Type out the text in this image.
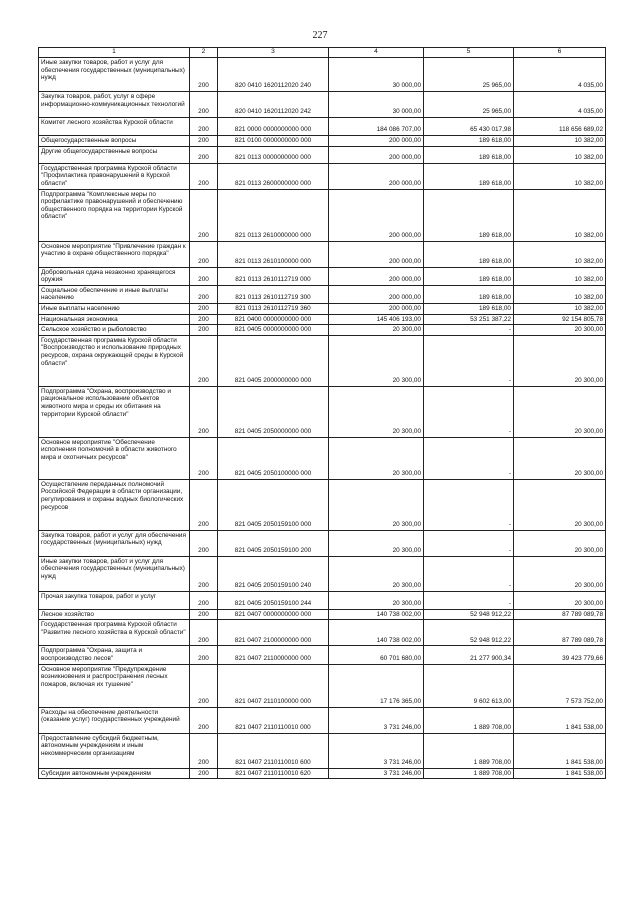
227
1	2	3	4	5	6
Иные закупки товаров, работ и услуг для обеспечения государственных (муниципальных) нужд	200	820 0410 1620112020 240	30 000,00	25 965,00	4 035,00
Закупка товаров, работ, услуг в сфере информационно-коммуникационных технологий	200	820 0410 1620112020 242	30 000,00	25 965,00	4 035,00
Комитет лесного хозяйства Курской области	200	821 0000 0000000000 000	184 086 707,00	65 430 017,98	118 656 689,02
Общегосударственные вопросы	200	821 0100 0000000000 000	200 000,00	189 618,00	10 382,00
Другие общегосударственные вопросы	200	821 0113 0000000000 000	200 000,00	189 618,00	10 382,00
Государственная программа Курской области "Профилактика правонарушений в Курской области"	200	821 0113 2600000000 000	200 000,00	189 618,00	10 382,00
Подпрограмма "Комплексные меры по профилактике правонарушений и обеспечению общественного порядка на территории Курской области"	200	821 0113 2610000000 000	200 000,00	189 618,00	10 382,00
Основное мероприятие "Привлечение граждан к участию в охране общественного порядка"	200	821 0113 2610100000 000	200 000,00	189 618,00	10 382,00
Добровольная сдача незаконно хранящегося оружия	200	821 0113 2610112719 000	200 000,00	189 618,00	10 382,00
Социальное обеспечение и иные выплаты населению	200	821 0113 2610112719 300	200 000,00	189 618,00	10 382,00
Иные выплаты населению	200	821 0113 2610112719 360	200 000,00	189 618,00	10 382,00
Национальная экономика	200	821 0400 0000000000 000	145 406 193,00	53 251 387,22	92 154 805,78
Сельское хозяйство и рыболовство	200	821 0405 0000000000 000	20 300,00	-	20 300,00
Государственная программа Курской области "Воспроизводство и использование природных ресурсов, охрана окружающей среды в Курской области"	200	821 0405 2000000000 000	20 300,00	-	20 300,00
Подпрограмма "Охрана, воспроизводство и рациональное использование объектов животного мира и среды их обитания на территории Курской области"	200	821 0405 2050000000 000	20 300,00	-	20 300,00
Основное мероприятие "Обеспечение исполнения полномочий в области животного мира и охотничьих ресурсов"	200	821 0405 2050100000 000	20 300,00	-	20 300,00
Осуществление переданных полномочий Российской Федерации в области организации, регулирования и охраны водных биологических ресурсов	200	821 0405 2050159100 000	20 300,00	-	20 300,00
Закупка товаров, работ и услуг для обеспечения государственных (муниципальных) нужд	200	821 0405 2050159100 200	20 300,00	-	20 300,00
Иные закупки товаров, работ и услуг для обеспечения государственных (муниципальных) нужд	200	821 0405 2050159100 240	20 300,00	-	20 300,00
Прочая закупка товаров, работ и услуг	200	821 0405 2050159100 244	20 300,00	-	20 300,00
Лесное хозяйство	200	821 0407 0000000000 000	140 738 002,00	52 948 912,22	87 789 089,78
Государственная программа Курской области "Развитие лесного хозяйства в Курской области"	200	821 0407 2100000000 000	140 738 002,00	52 948 912,22	87 789 089,78
Подпрограмма "Охрана, защита и воспроизводство лесов"	200	821 0407 2110000000 000	60 701 680,00	21 277 900,34	39 423 779,66
Основное мероприятие "Предупреждение возникновения и распространения лесных пожаров, включая их тушение"	200	821 0407 2110100000 000	17 176 365,00	9 602 613,00	7 573 752,00
Расходы на обеспечение деятельности (оказание услуг) государственных учреждений	200	821 0407 2110110010 000	3 731 246,00	1 889 708,00	1 841 538,00
Предоставление субсидий бюджетным, автономным учреждениям и иным некоммерческим организациям	200	821 0407 2110110010 600	3 731 246,00	1 889 708,00	1 841 538,00
Субсидии автономным учреждениям	200	821 0407 2110110010 620	3 731 246,00	1 889 708,00	1 841 538,00
